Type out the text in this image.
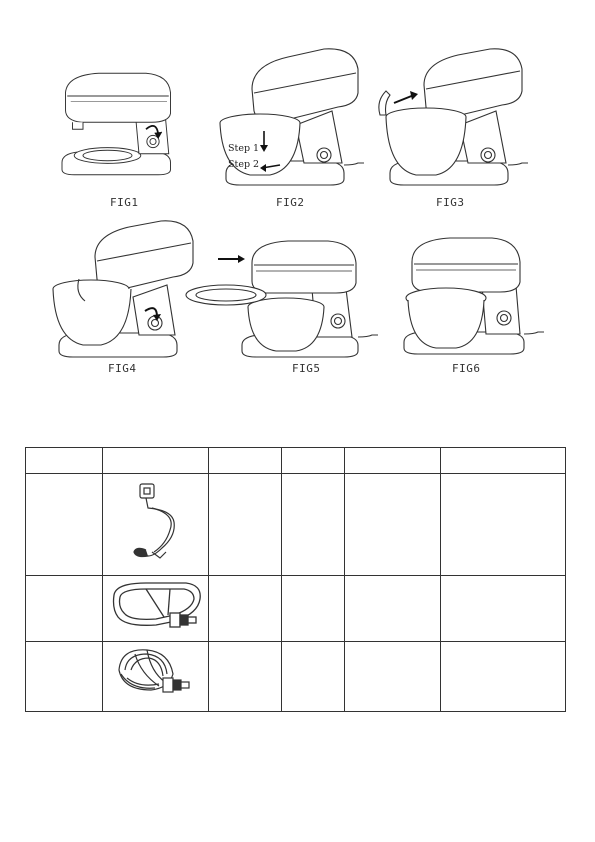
FIG1
Step 1
Step 2
FIG2	FIG3
FIG4	FIG5	FIG6
